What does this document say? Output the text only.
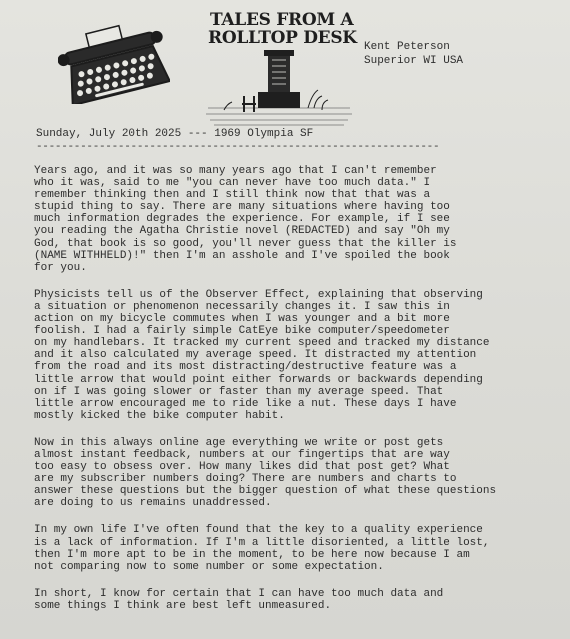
TALES FROM A
ROLLTOP DESK Kent Peterson
Superior WI USA
Sunday, July 20th 2025 --- 1969 Olympia SF
----------------------------------------------------------------
Years ago, and it was so many years ago that I can't remember
who it was, said to me "you can never have too much data." I
remember thinking then and I still think now that that was a
stupid thing to say. There are many situations where having too
much information degrades the experience. For example, if I see
you reading the Agatha Christie novel (REDACTED) and say "Oh my
God, that book is so good, you'll never guess that the killer is
(NAME WITHHELD)!" then I'm an asshole and I've spoiled the book
for you.
Physicists tell us of the Observer Effect, explaining that observing
a situation or phenomenon necessarily changes it. I saw this in
action on my bicycle commutes when I was younger and a bit more
foolish. I had a fairly simple CatEye bike computer/speedometer
on my handlebars. It tracked my current speed and tracked my distance
and it also calculated my average speed. It distracted my attention
from the road and its most distracting/destructive feature was a
little arrow that would point either forwards or backwards depending
on if I was going slower or faster than my average speed. That
little arrow encouraged me to ride like a nut. These days I have
mostly kicked the bike computer habit.
Now in this always online age everything we write or post gets
almost instant feedback, numbers at our fingertips that are way
too easy to obsess over. How many likes did that post get? What
are my subscriber numbers doing? There are numbers and charts to
answer these questions but the bigger question of what these questions
are doing to us remains unaddressed.
In my own life I've often found that the key to a quality experience
is a lack of information. If I'm a little disoriented, a little lost,
then I'm more apt to be in the moment, to be here now because I am
not comparing now to some number or some expectation.
In short, I know for certain that I can have too much data and
some things I think are best left unmeasured.
